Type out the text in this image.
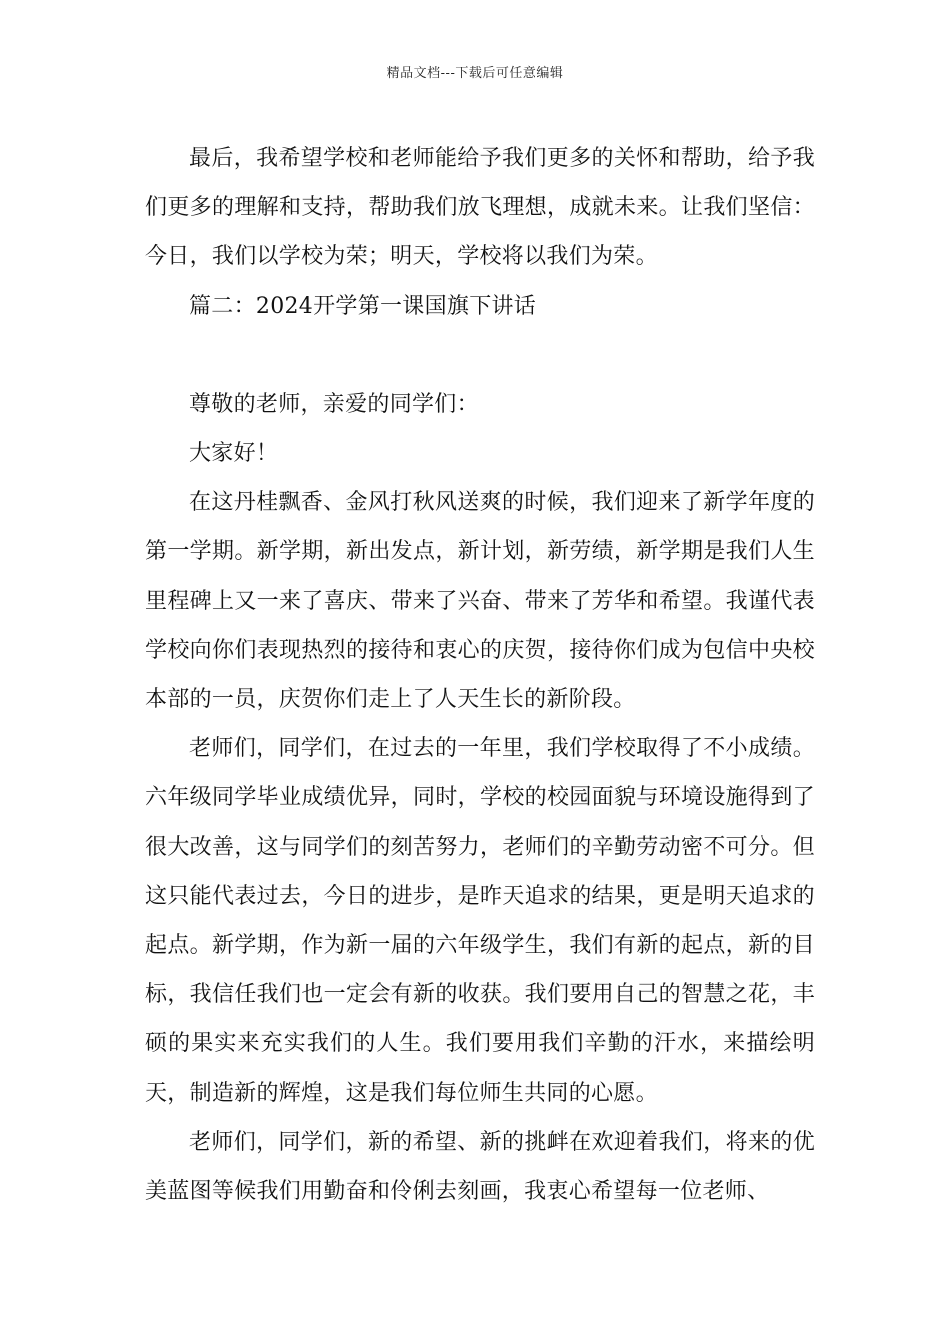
精品文档---下载后可任意编辑

最后，我希望学校和老师能给予我们更多的关怀和帮助，给予我们更多的理解和支持，帮助我们放飞理想，成就未来。让我们坚信：今日，我们以学校为荣；明天，学校将以我们为荣。

篇二：2024开学第一课国旗下讲话

尊敬的老师，亲爱的同学们：

大家好！

在这丹桂飘香、金风打秋风送爽的时候，我们迎来了新学年度的第一学期。新学期，新出发点，新计划，新劳绩，新学期是我们人生里程碑上又一来了喜庆、带来了兴奋、带来了芳华和希望。我谨代表学校向你们表现热烈的接待和衷心的庆贺，接待你们成为包信中央校本部的一员，庆贺你们走上了人天生长的新阶段。

老师们，同学们，在过去的一年里，我们学校取得了不小成绩。六年级同学毕业成绩优异，同时，学校的校园面貌与环境设施得到了很大改善，这与同学们的刻苦努力，老师们的辛勤劳动密不可分。但这只能代表过去，今日的进步，是昨天追求的结果，更是明天追求的起点。新学期，作为新一届的六年级学生，我们有新的起点，新的目标，我信任我们也一定会有新的收获。我们要用自己的智慧之花，丰硕的果实来充实我们的人生。我们要用我们辛勤的汗水，来描绘明天，制造新的辉煌，这是我们每位师生共同的心愿。

老师们，同学们，新的希望、新的挑衅在欢迎着我们，将来的优美蓝图等候我们用勤奋和伶俐去刻画，我衷心希望每一位老师、
